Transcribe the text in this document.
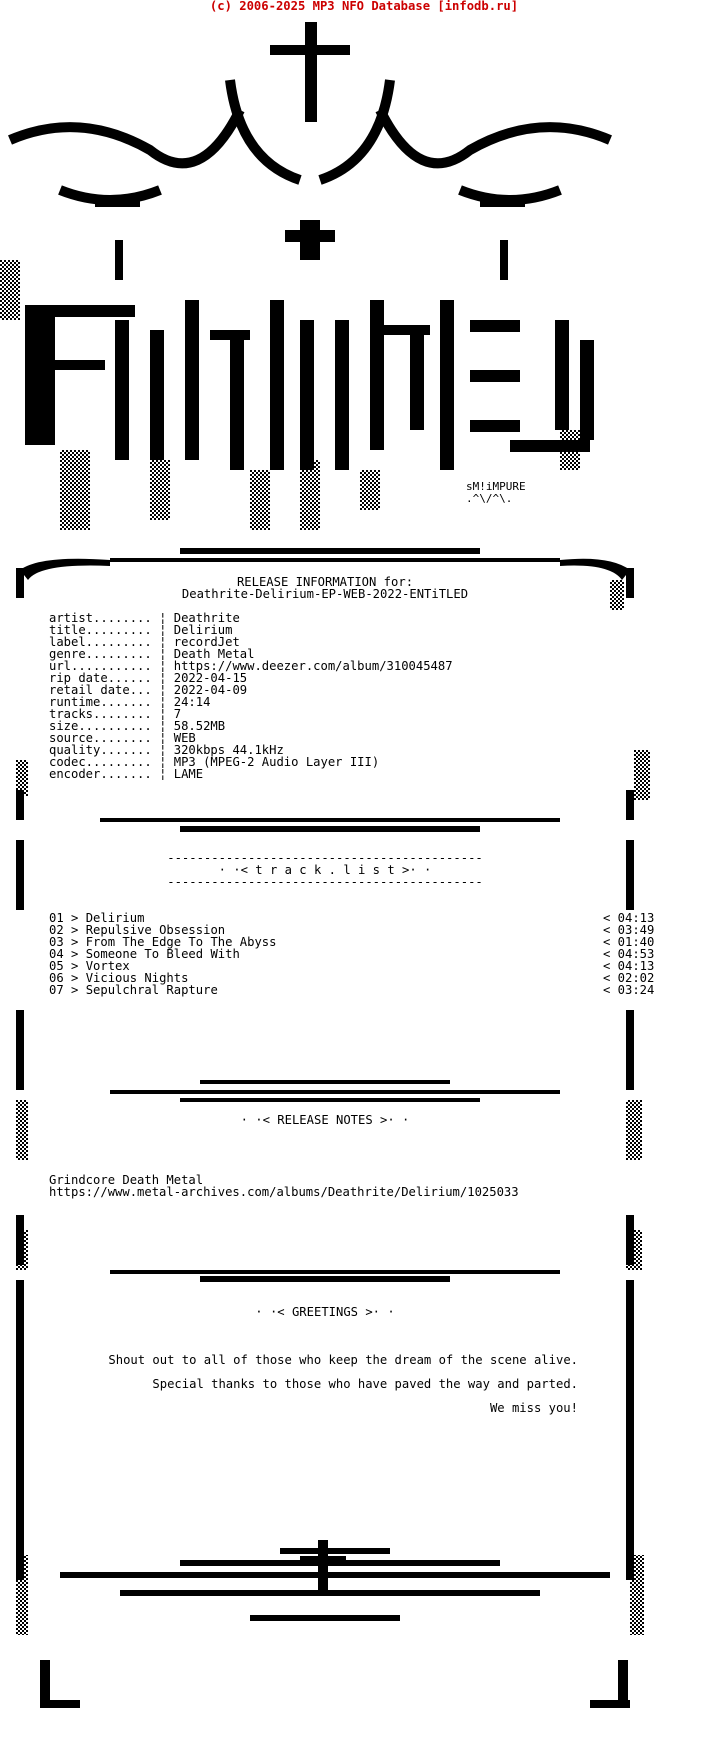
(c) 2006-2025 MP3 NFO Database [infodb.ru]
sM!iMPURE
.^\/^\.
RELEASE INFORMATION for:
Deathrite-Delirium-EP-WEB-2022-ENTiTLED
artist........ ¦ Deathrite
title......... ¦ Delirium
label......... ¦ recordJet
genre......... ¦ Death Metal
url........... ¦ https://www.deezer.com/album/310045487
rip date...... ¦ 2022-04-15
retail date... ¦ 2022-04-09
runtime....... ¦ 24:14
tracks........ ¦ 7
size.......... ¦ 58.52MB
source........ ¦ WEB
quality....... ¦ 320kbps 44.1kHz
codec......... ¦ MP3 (MPEG-2 Audio Layer III)
encoder....... ¦ LAME
-------------------------------------------
· ·< t r a c k . l i s t >· ·
-------------------------------------------
01 > Delirium	< 04:13
02 > Repulsive Obsession	< 03:49
03 > From The Edge To The Abyss	< 01:40
04 > Someone To Bleed With	< 04:53
05 > Vortex	< 04:13
06 > Vicious Nights	< 02:02
07 > Sepulchral Rapture	< 03:24
· ·< RELEASE NOTES >· ·
Grindcore Death Metal
https://www.metal-archives.com/albums/Deathrite/Delirium/1025033
· ·< GREETINGS >· ·
Shout out to all of those who keep the dream of the scene alive.
Special thanks to those who have paved the way and parted.
We miss you!
